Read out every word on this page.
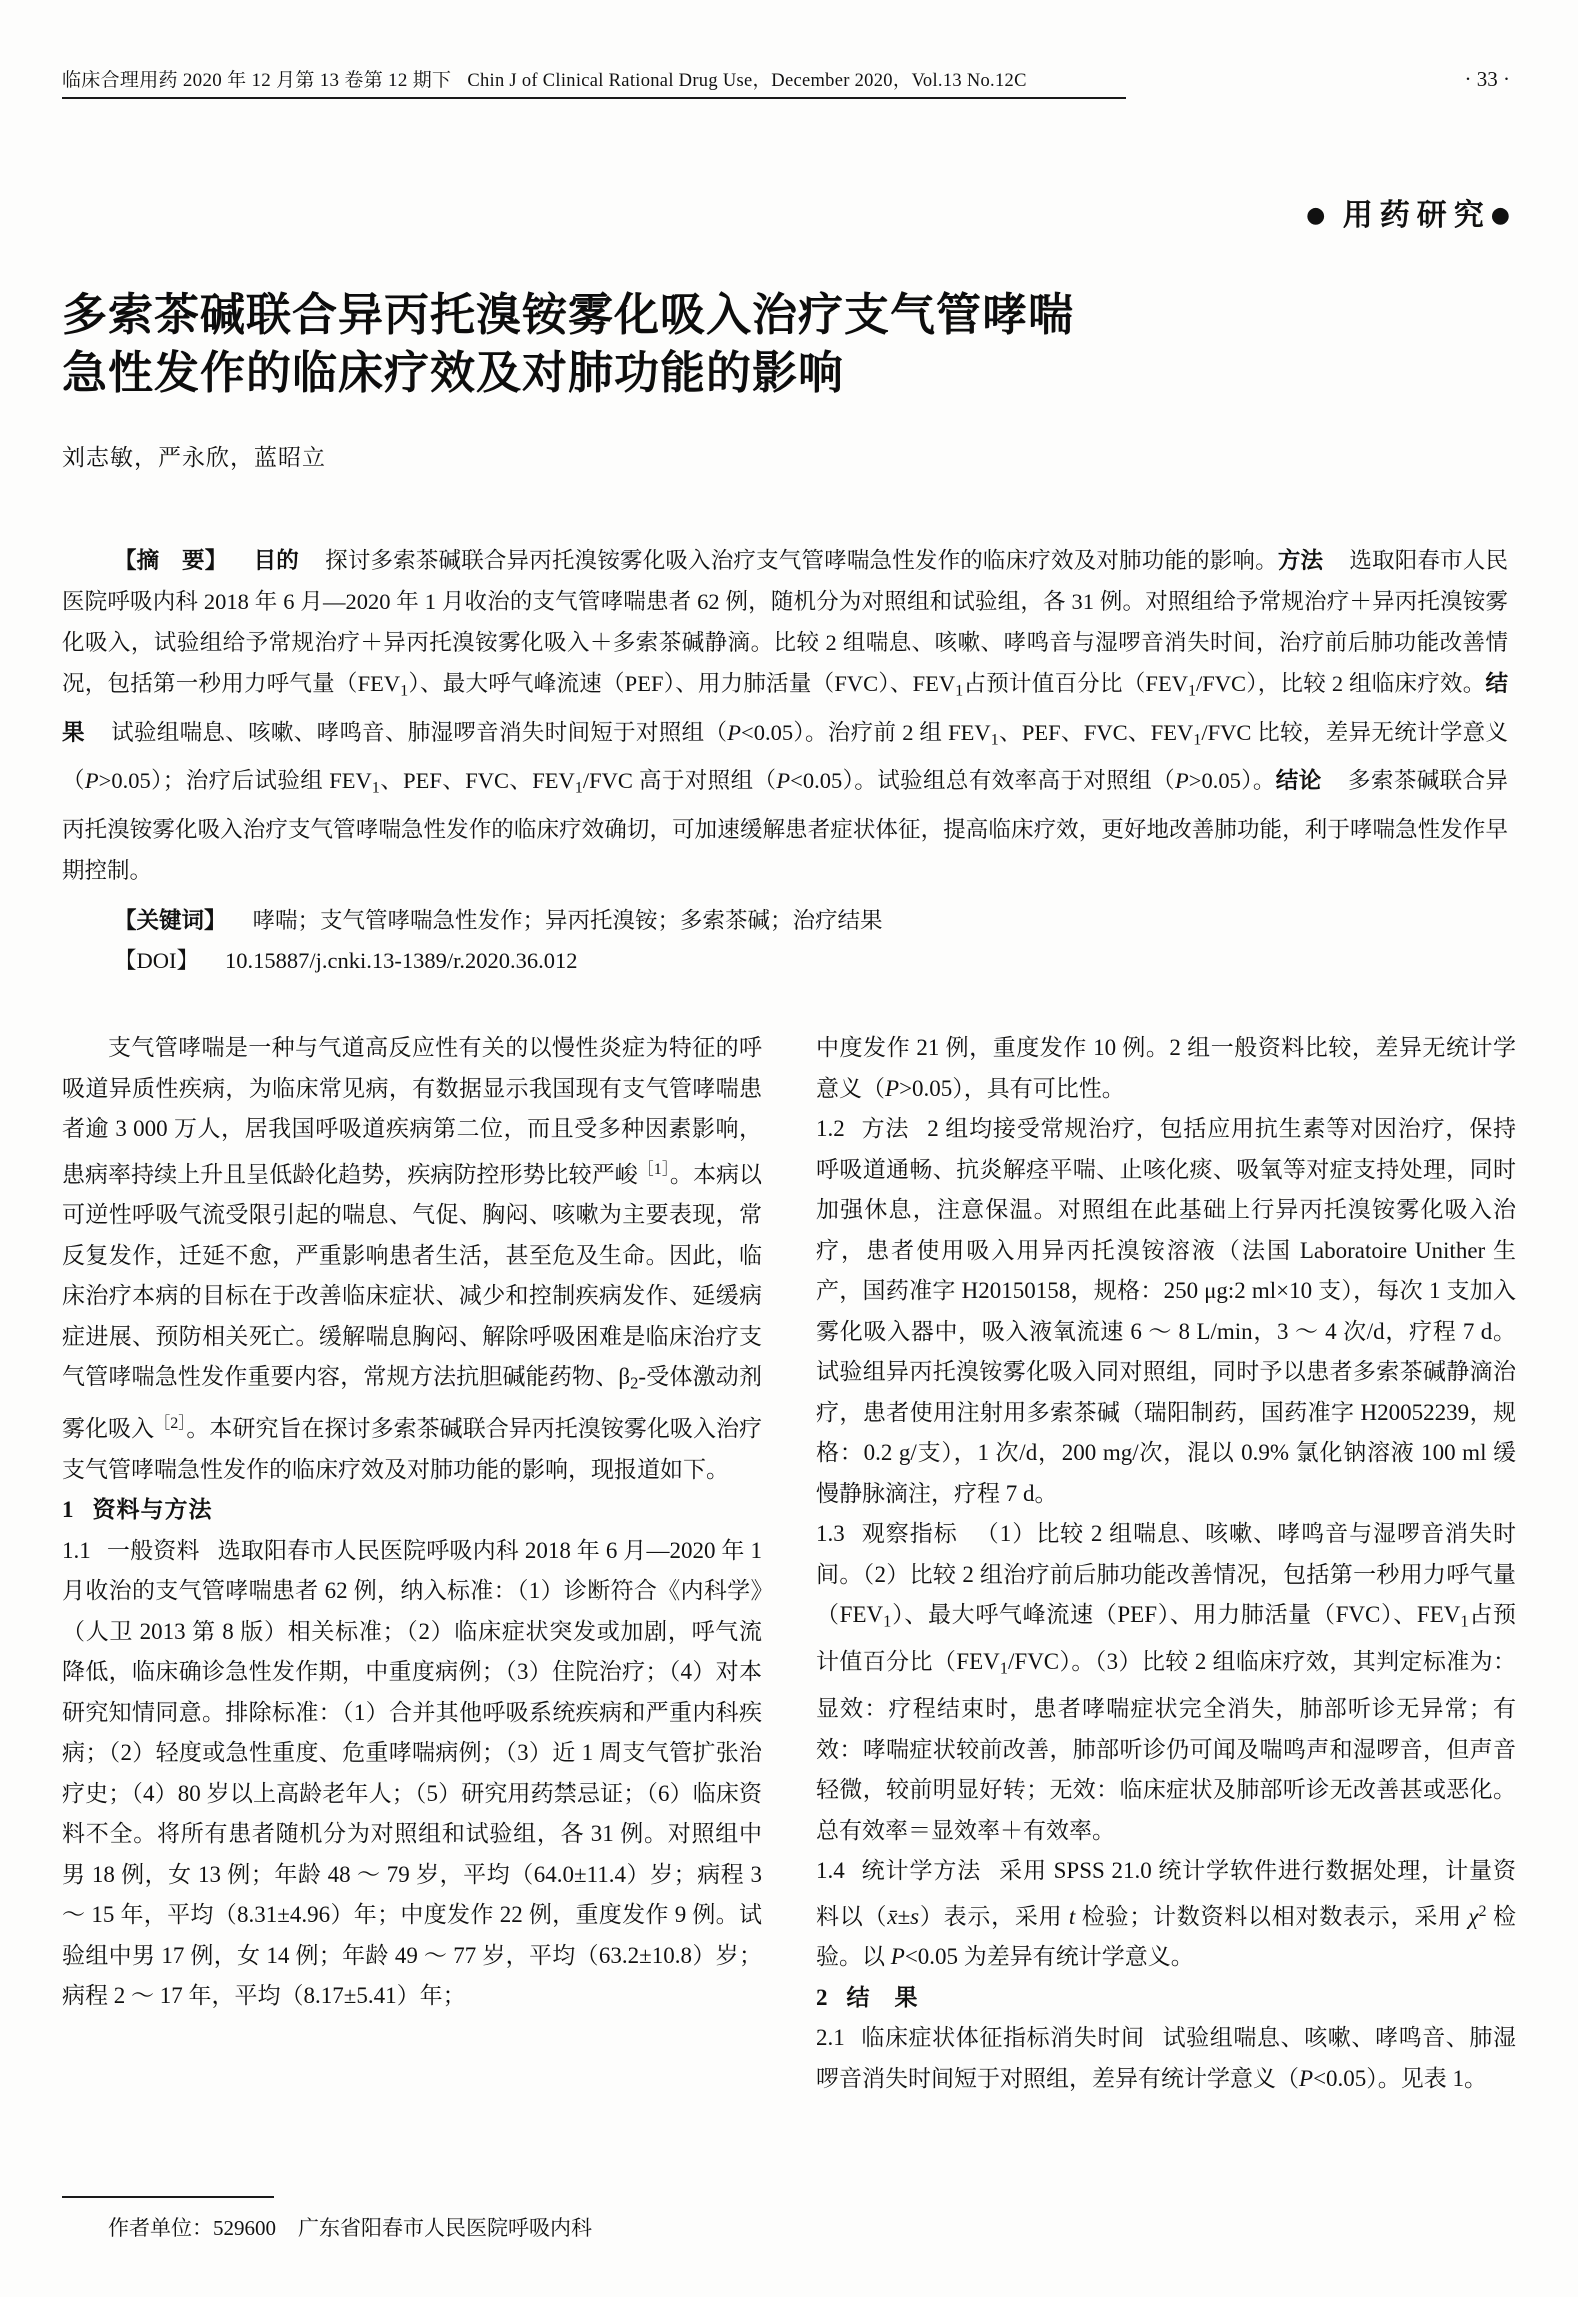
临床合理用药 2020 年 12 月第 13 卷第 12 期下 Chin J of Clinical Rational Drug Use，December 2020，Vol.13 No.12C	· 33 ·
● 用药研究●
多索茶碱联合异丙托溴铵雾化吸入治疗支气管哮喘
急性发作的临床疗效及对肺功能的影响
刘志敏，严永欣，蓝昭立

【摘　要】 目的 探讨多索茶碱联合异丙托溴铵雾化吸入治疗支气管哮喘急性发作的临床疗效及对肺功能的影响。方法 选取阳春市人民医院呼吸内科 2018 年 6 月—2020 年 1 月收治的支气管哮喘患者 62 例，随机分为对照组和试验组，各 31 例。对照组给予常规治疗＋异丙托溴铵雾化吸入，试验组给予常规治疗＋异丙托溴铵雾化吸入＋多索茶碱静滴。比较 2 组喘息、咳嗽、哮鸣音与湿啰音消失时间，治疗前后肺功能改善情况，包括第一秒用力呼气量$(FEV_1)$、最大呼气峰流速（PEF）、用力肺活量（FVC）、$FEV_1$占预计值百分比$(FEV_1/FVC)$，比较 2 组临床疗效。结果 试验组喘息、咳嗽、哮鸣音、肺湿啰音消失时间短于对照组（P<0.05）。治疗前 2 组 $FEV_1$、PEF、FVC、$FEV_1$/FVC 比较，差异无统计学意义（P>0.05）；治疗后试验组 $FEV_1$、PEF、FVC、$FEV_1$/FVC 高于对照组（P<0.05）。试验组总有效率高于对照组（P>0.05）。结论 多索茶碱联合异丙托溴铵雾化吸入治疗支气管哮喘急性发作的临床疗效确切，可加速缓解患者症状体征，提高临床疗效，更好地改善肺功能，利于哮喘急性发作早期控制。

【关键词】 哮喘；支气管哮喘急性发作；异丙托溴铵；多索茶碱；治疗结果

【DOI】 10.15887/j.cnki.13-1389/r.2020.36.012

支气管哮喘是一种与气道高反应性有关的以慢性炎症为特征的呼吸道异质性疾病，为临床常见病，有数据显示我国现有支气管哮喘患者逾 3 000 万人，居我国呼吸道疾病第二位，而且受多种因素影响，患病率持续上升且呈低龄化趋势，疾病防控形势比较严峻$^{[1]}$。本病以可逆性呼吸气流受限引起的喘息、气促、胸闷、咳嗽为主要表现，常反复发作，迁延不愈，严重影响患者生活，甚至危及生命。因此，临床治疗本病的目标在于改善临床症状、减少和控制疾病发作、延缓病症进展、预防相关死亡。缓解喘息胸闷、解除呼吸困难是临床治疗支气管哮喘急性发作重要内容，常规方法抗胆碱能药物、$\beta_2-$受体激动剂雾化吸入$^{[2]}$。本研究旨在探讨多索茶碱联合异丙托溴铵雾化吸入治疗支气管哮喘急性发作的临床疗效及对肺功能的影响，现报道如下。

1 资料与方法

1.1 一般资料 选取阳春市人民医院呼吸内科 2018 年 6 月—2020 年 1 月收治的支气管哮喘患者 62 例，纳入标准：（1）诊断符合《内科学》（人卫 2013 第 8 版）相关标准；（2）临床症状突发或加剧，呼气流降低，临床确诊急性发作期，中重度病例；（3）住院治疗；（4）对本研究知情同意。排除标准：（1）合并其他呼吸系统疾病和严重内科疾病；（2）轻度或急性重度、危重哮喘病例；（3）近 1 周支气管扩张治疗史；（4）80 岁以上高龄老年人；（5）研究用药禁忌证；（6）临床资料不全。将所有患者随机分为对照组和试验组，各 31 例。对照组中男 18 例，女 13 例；年龄 48 ～ 79 岁，平均（64.0±11.4）岁；病程 3 ～ 15 年，平均（8.31±4.96）年；中度发作 22 例，重度发作 9 例。试验组中男 17 例，女 14 例；年龄 49 ～ 77 岁，平均（63.2±10.8）岁；病程 2 ～ 17 年，平均（8.17±5.41）年；

作者单位：529600 广东省阳春市人民医院呼吸内科

中度发作 21 例，重度发作 10 例。2 组一般资料比较，差异无统计学意义（P>0.05），具有可比性。

1.2 方法 2 组均接受常规治疗，包括应用抗生素等对因治疗，保持呼吸道通畅、抗炎解痉平喘、止咳化痰、吸氧等对症支持处理，同时加强休息，注意保温。对照组在此基础上行异丙托溴铵雾化吸入治疗，患者使用吸入用异丙托溴铵溶液（法国 Laboratoire Unither 生产，国药准字 H20150158，规格：250 μg:2 ml×10 支），每次 1 支加入雾化吸入器中，吸入液氧流速 6 ～ 8 L/min，3 ～ 4 次/d，疗程 7 d。试验组异丙托溴铵雾化吸入同对照组，同时予以患者多索茶碱静滴治疗，患者使用注射用多索茶碱（瑞阳制药，国药准字 H20052239，规格：0.2 g/支），1 次/d，200 mg/次，混以 0.9% 氯化钠溶液 100 ml 缓慢静脉滴注，疗程 7 d。

1.3 观察指标 （1）比较 2 组喘息、咳嗽、哮鸣音与湿啰音消失时间。（2）比较 2 组治疗前后肺功能改善情况，包括第一秒用力呼气量$(FEV_1)$、最大呼气峰流速（PEF）、用力肺活量（FVC）、$FEV_1$占预计值百分比$(FEV_1/FVC)$。（3）比较 2 组临床疗效，其判定标准为：显效：疗程结束时，患者哮喘症状完全消失，肺部听诊无异常；有效：哮喘症状较前改善，肺部听诊仍可闻及喘鸣声和湿啰音，但声音轻微，较前明显好转；无效：临床症状及肺部听诊无改善甚或恶化。总有效率＝显效率＋有效率。

1.4 统计学方法 采用 SPSS 21.0 统计学软件进行数据处理，计量资料以（x̄±s）表示，采用 t 检验；计数资料以相对数表示，采用 $\chi^2$ 检验。以 P<0.05 为差异有统计学意义。

2 结　果

2.1 临床症状体征指标消失时间 试验组喘息、咳嗽、哮鸣音、肺湿啰音消失时间短于对照组，差异有统计学意义（P<0.05）。见表 1。
